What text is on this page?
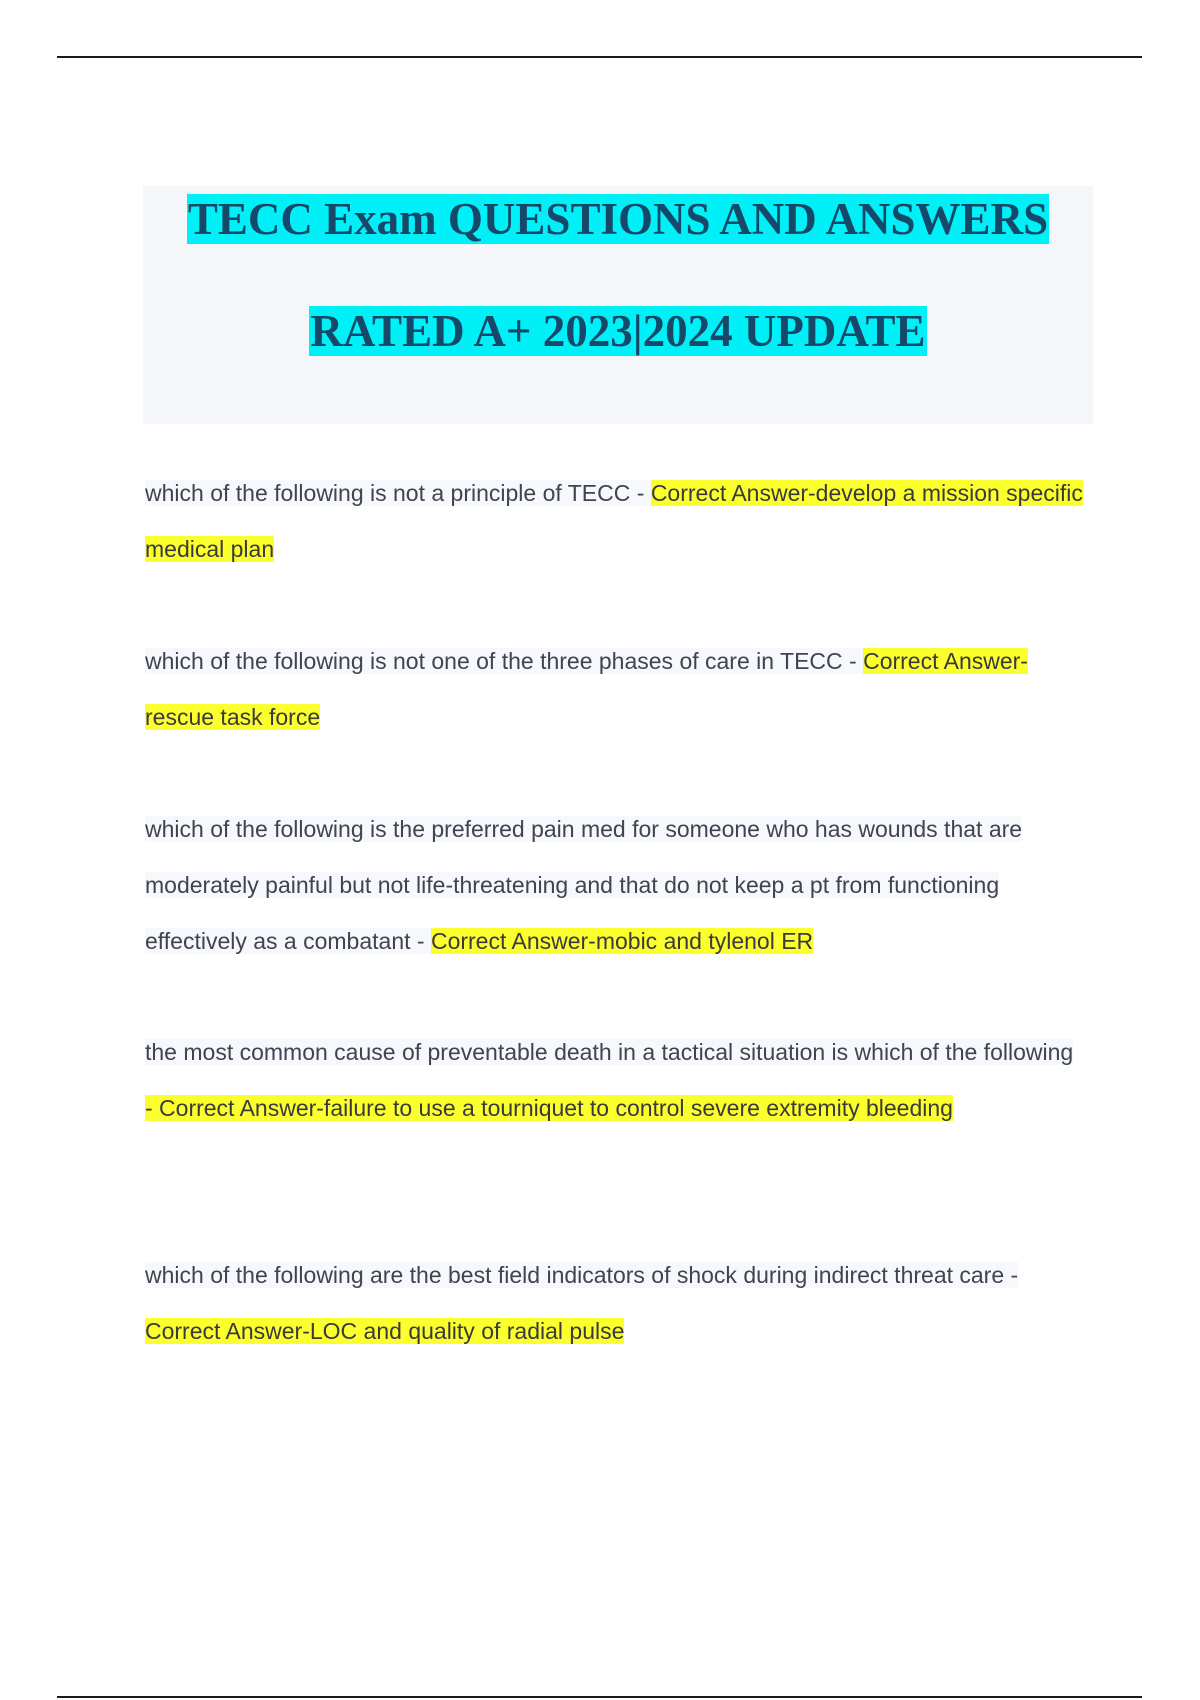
TECC Exam QUESTIONS AND ANSWERS
RATED A+ 2023|2024 UPDATE
which of the following is not a principle of TECC - Correct Answer-develop a mission specific medical plan
which of the following is not one of the three phases of care in TECC - Correct Answer-rescue task force
which of the following is the preferred pain med for someone who has wounds that are moderately painful but not life-threatening and that do not keep a pt from functioning effectively as a combatant - Correct Answer-mobic and tylenol ER
the most common cause of preventable death in a tactical situation is which of the following - Correct Answer-failure to use a tourniquet to control severe extremity bleeding
which of the following are the best field indicators of shock during indirect threat care - Correct Answer-LOC and quality of radial pulse
